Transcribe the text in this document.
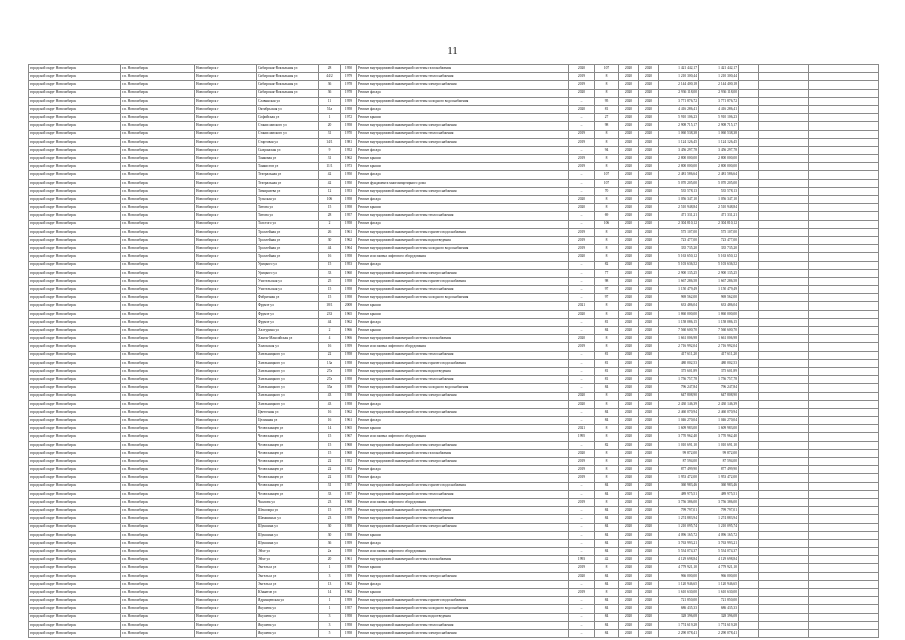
11
городской округ Новосибирск	г.п. Новосибирск	Новосибирск г	Сибирская-Вокзальная ул	28	1950	Ремонт внутридомовой инженерной системы газоснабжения	2020	107	2020	2020	1 421 442,17	1 421 442,17			
городской округ Новосибирск	г.п. Новосибирск	Новосибирск г	Сибирская-Вокзальная ул	44/2	1979	Ремонт внутридомовой инженерной системы теплоснабжения	2019	8	2020	2020	1 210 300,44	1 210 300,44			
городской округ Новосибирск	г.п. Новосибирск	Новосибирск г	Сибирская-Вокзальная ул	36	1978	Ремонт внутридомовой инженерной системы электроснабжения	2019	8	2020	2020	2 144 400,18	2 144 400,18			
городской округ Новосибирск	г.п. Новосибирск	Новосибирск г	Сибирская-Вокзальная ул	36	1978	Ремонт фасада	2020	8	2020	2020	2 936 118,00	2 936 118,00			
городской округ Новосибирск	г.п. Новосибирск	Новосибирск г	Славянская ул	11	1959	Ремонт внутридомовой инженерной системы холодного водоснабжения	–	95	2020	2020	3 771 876,72	3 771 876,72			
городской округ Новосибирск	г.п. Новосибирск	Новосибирск г	Октябрьская ул	51а	1958	Ремонт фасада	2020	81	2020	2020	4 416 286,41	4 416 286,41			
городской округ Новосибирск	г.п. Новосибирск	Новосибирск г	Софийская ул	1	1972	Ремонт крыши	–	27	2020	2020	5 910 106,23	5 910 106,23			
городской округ Новосибирск	г.п. Новосибирск	Новосибирск г	Станиславского ул	20	1958	Ремонт внутридомовой инженерной системы электроснабжения	–	98	2020	2020	2 908 715,17	2 908 715,17			
городской округ Новосибирск	г.п. Новосибирск	Новосибирск г	Станиславского ул	31	1970	Ремонт внутридомовой инженерной системы теплоснабжения	2019	8	2020	2020	1 060 538,38	1 060 538,38			
городской округ Новосибирск	г.п. Новосибирск	Новосибирск г	Стартовая ул	14/1	1981	Ремонт внутридомовой инженерной системы электроснабжения	2019	8	2020	2020	1 124 126,45	1 124 126,45			
городской округ Новосибирск	г.п. Новосибирск	Новосибирск г	Сызранская ул	9	1952	Ремонт фасада	–	94	2020	2020	3 456 297,78	3 456 297,78			
городской округ Новосибирск	г.п. Новосибирск	Новосибирск г	Танковая ул	31	1962	Ремонт крыши	2019	8	2020	2020	2 800 000,00	2 800 000,00			
городской округ Новосибирск	г.п. Новосибирск	Новосибирск г	Танкистов ул	11/1	1973	Ремонт крыши	2019	8	2020	2020	2 800 000,00	2 800 000,00			
городской округ Новосибирск	г.п. Новосибирск	Новосибирск г	Театральная ул	42	1950	Ремонт фасада	–	107	2020	2020	2 481 586,64	2 481 586,64			
городской округ Новосибирск	г.п. Новосибирск	Новосибирск г	Театральная ул	42	1950	Ремонт фундамента многоквартирного дома	–	107	2020	2020	5 070 205,00	5 070 205,00			
городской округ Новосибирск	г.п. Новосибирск	Новосибирск г	Тимирязева ул	12	1953	Ремонт внутридомовой инженерной системы электроснабжения	–	70	2020	2020	535 578,13	535 578,13			
городской округ Новосибирск	г.п. Новосибирск	Новосибирск г	Тульская ул	106	1958	Ремонт фасада	2020	8	2020	2020	1 056 347,10	1 056 347,10			
городской округ Новосибирск	г.п. Новосибирск	Новосибирск г	Титова ул	15	1958	Ремонт крыши	2020	8	2020	2020	2 510 948,84	2 510 948,84			
городской округ Новосибирск	г.п. Новосибирск	Новосибирск г	Титова ул	28	1957	Ремонт внутридомовой инженерной системы теплоснабжения	–	69	2020	2020	471 331,21	471 331,21			
городской округ Новосибирск	г.п. Новосибирск	Новосибирск г	Толстого ул	2	1958	Ремонт фасада	–	106	2020	2020	2 304 810,12	2 304 810,12			
городской округ Новосибирск	г.п. Новосибирск	Новосибирск г	Троллейная ул	26	1961	Ремонт внутридомовой инженерной системы горячего водоснабжения	2019	8	2020	2020	575 107,00	575 107,00			
городской округ Новосибирск	г.п. Новосибирск	Новосибирск г	Троллейная ул	30	1962	Ремонт внутридомовой инженерной системы водоотведения	2019	8	2020	2020	723 477,00	723 477,00			
городской округ Новосибирск	г.п. Новосибирск	Новосибирск г	Троллейная ул	44	1964	Ремонт внутридомовой инженерной системы холодного водоснабжения	2019	8	2020	2020	335 735,20	335 735,20			
городской округ Новосибирск	г.п. Новосибирск	Новосибирск г	Троллейная ул	16	1958	Ремонт или замена лифтового оборудования	2020	8	2020	2020	5 163 650,12	5 163 650,12			
городской округ Новосибирск	г.п. Новосибирск	Новосибирск г	Урицкого ул	15	1953	Ремонт фасада	–	82	2020	2020	5 103 636,52	5 103 636,52			
городской округ Новосибирск	г.п. Новосибирск	Новосибирск г	Урицкого ул	33	1960	Ремонт внутридомовой инженерной системы электроснабжения	–	77	2020	2020	2 900 135,25	2 900 135,25			
городской округ Новосибирск	г.п. Новосибирск	Новосибирск г	Учительская ул	25	1958	Ремонт внутридомовой инженерной системы горячего водоснабжения	–	98	2020	2020	1 667 286,58	1 667 286,58			
городской округ Новосибирск	г.п. Новосибирск	Новосибирск г	Учительская ул	15	1958	Ремонт внутридомовой инженерной системы теплоснабжения	–	97	2020	2020	1 150 479,49	1 150 479,49			
городской округ Новосибирск	г.п. Новосибирск	Новосибирск г	Фабричная ул	15	1958	Ремонт внутридомовой инженерной системы холодного водоснабжения	–	97	2020	2020	969 562,00	969 562,00			
городской округ Новосибирск	г.п. Новосибирск	Новосибирск г	Фрунзе ул	18/1	2008	Ремонт крыши	2021	8	2020	2020	633 486,04	633 486,04			
городской округ Новосибирск	г.п. Новосибирск	Новосибирск г	Фрунзе ул	233	1965	Ремонт крыши	2020	8	2020	2020	1 860 000,00	1 860 000,00			
городской округ Новосибирск	г.п. Новосибирск	Новосибирск г	Фрунзе ул	44	1962	Ремонт фасада	–	81	2020	2020	1 158 086,15	1 158 086,15			
городской округ Новосибирск	г.п. Новосибирск	Новосибирск г	Халтурина ул	2	1966	Ремонт крыши	–	84	2020	2020	7 560 600,70	7 560 600,70			
городской округ Новосибирск	г.п. Новосибирск	Новосибирск г	Ханты-Мансийская ул	4	1966	Ремонт внутридомовой инженерной системы газоснабжения	2020	8	2020	2020	1 661 006,98	1 661 006,98			
городской округ Новосибирск	г.п. Новосибирск	Новосибирск г	Хилокская ул	16	1959	Ремонт или замена лифтового оборудования	2019	8	2020	2020	2 716 992,04	2 716 992,04			
городской округ Новосибирск	г.п. Новосибирск	Новосибирск г	Хмельницкого ул	22	1958	Ремонт внутридомовой инженерной системы теплоснабжения	–	81	2020	2020	417 611,20	417 611,20			
городской округ Новосибирск	г.п. Новосибирск	Новосибирск г	Хмельницкого ул	13а	1958	Ремонт внутридомовой инженерной системы горячего водоснабжения	–	81	2020	2020	480 002,53	480 002,53			
городской округ Новосибирск	г.п. Новосибирск	Новосибирск г	Хмельницкого ул	27а	1958	Ремонт внутридомовой инженерной системы водоотведения	–	81	2020	2020	375 601,89	375 601,89			
городской округ Новосибирск	г.п. Новосибирск	Новосибирск г	Хмельницкого ул	27а	1958	Ремонт внутридомовой инженерной системы теплоснабжения	–	81	2020	2020	1 756 757,78	1 756 757,78			
городской округ Новосибирск	г.п. Новосибирск	Новосибирск г	Хмельницкого ул	35а	1959	Ремонт внутридомовой инженерной системы холодного водоснабжения	–	84	2020	2020	796 247,84	796 247,84			
городской округ Новосибирск	г.п. Новосибирск	Новосибирск г	Хмельницкого ул	43	1958	Ремонт внутридомовой инженерной системы электроснабжения	2020	8	2020	2020	647 808,90	647 808,90			
городской округ Новосибирск	г.п. Новосибирск	Новосибирск г	Хмельницкого ул	43	1958	Ремонт фасада	2020	8	2020	2020	2 430 146,39	2 430 146,39			
городской округ Новосибирск	г.п. Новосибирск	Новосибирск г	Цветочная ул	16	1962	Ремонт внутридомовой инженерной системы электроснабжения	–	84	2020	2020	2 460 070,94	2 460 070,94			
городской округ Новосибирск	г.п. Новосибирск	Новосибирск г	Целинная ул	16	1961	Ремонт фасада	–	84	2020	2020	1 046 270,04	1 046 270,04			
городской округ Новосибирск	г.п. Новосибирск	Новосибирск г	Челюскинцев ул	14	1965	Ремонт крыши	2021	8	2020	2020	1 609 983,00	1 609 983,00			
городской округ Новосибирск	г.п. Новосибирск	Новосибирск г	Челюскинцев ул	15	1967	Ремонт или замена лифтового оборудования	1995	8	2020	2020	3 770 962,40	3 770 962,40			
городской округ Новосибирск	г.п. Новосибирск	Новосибирск г	Челюскинцев ул	15	1968	Ремонт внутридомовой инженерной системы электроснабжения	–	82	2020	2020	1 010 691,10	1 010 691,10			
городской округ Новосибирск	г.п. Новосибирск	Новосибирск г	Челюскинцев ул	15	1968	Ремонт внутридомовой инженерной системы газоснабжения	2020	8	2020	2020	99 872,00	99 872,00			
городской округ Новосибирск	г.п. Новосибирск	Новосибирск г	Челюскинцев ул	22	1952	Ремонт внутридомовой инженерной системы электроснабжения	2019	8	2020	2020	87 594,00	87 594,00			
городской округ Новосибирск	г.п. Новосибирск	Новосибирск г	Челюскинцев ул	22	1952	Ремонт фасада	2019	8	2020	2020	877 499,90	877 499,90			
городской округ Новосибирск	г.п. Новосибирск	Новосибирск г	Челюскинцев ул	22	1953	Ремонт фасада	2019	8	2020	2020	1 953 472,00	1 953 472,00			
городской округ Новосибирск	г.п. Новосибирск	Новосибирск г	Челюскинцев ул	31	1957	Ремонт внутридомовой инженерной системы горячего водоснабжения	–	84	2020	2020	360 983,46	360 983,46			
городской округ Новосибирск	г.п. Новосибирск	Новосибирск г	Челюскинцев ул	33	1957	Ремонт внутридомовой инженерной системы теплоснабжения	–	84	2020	2020	489 975,51	489 975,51			
городской округ Новосибирск	г.п. Новосибирск	Новосибирск г	Чкалова ул	23	1960	Ремонт или замена лифтового оборудования	2019	8	2020	2020	3 756 386,00	3 756 386,00			
городской округ Новосибирск	г.п. Новосибирск	Новосибирск г	Шекспира ул	15	1978	Ремонт внутридомовой инженерной системы водоотведения	–	84	2020	2020	799 797,01	799 797,01			
городской округ Новосибирск	г.п. Новосибирск	Новосибирск г	Шамшиных ул	23	1959	Ремонт внутридомовой инженерной системы теплоснабжения	–	84	2020	2020	1 274 883,94	1 274 883,94			
городской округ Новосибирск	г.п. Новосибирск	Новосибирск г	Шукшина ул	30	1958	Ремонт внутридомовой инженерной системы электроснабжения	–	84	2020	2020	1 210 095,74	1 210 095,74			
городской округ Новосибирск	г.п. Новосибирск	Новосибирск г	Шукшина ул	30	1958	Ремонт крыши	–	84	2020	2020	4 096 165,72	4 096 165,72			
городской округ Новосибирск	г.п. Новосибирск	Новосибирск г	Шукшина ул	36	1959	Ремонт фасада	–	84	2020	2020	3 763 993,21	3 763 993,21			
городской округ Новосибирск	г.п. Новосибирск	Новосибирск г	Эйхе ул	2а	1958	Ремонт или замена лифтового оборудования	–	84	2020	2020	5 534 074,37	5 534 074,37			
городской округ Новосибирск	г.п. Новосибирск	Новосибирск г	Эйхе ул	20	1961	Ремонт внутридомовой инженерной системы газоснабжения	1993	42	2020	2020	4 129 698,84	4 129 698,84			
городской округ Новосибирск	г.п. Новосибирск	Новосибирск г	Энгельса ул	1	1959	Ремонт крыши	2019	8	2020	2020	4 779 921,10	4 779 921,10			
городской округ Новосибирск	г.п. Новосибирск	Новосибирск г	Энгельса ул	3	1959	Ремонт внутридомовой инженерной системы электроснабжения	2020	84	2020	2020	966 000,00	966 000,00			
городской округ Новосибирск	г.п. Новосибирск	Новосибирск г	Энгельса ул	13	1962	Ремонт фасада	–	84	2020	2020	1 120 946,65	1 120 946,65			
городской округ Новосибирск	г.п. Новосибирск	Новосибирск г	Юннатов ул	14	1962	Ремонт крыши	2019	8	2020	2020	1 610 630,00	1 610 630,00			
городской округ Новосибирск	г.п. Новосибирск	Новосибирск г	Ядринцевская ул	1	1959	Ремонт внутридомовой инженерной системы горячего водоснабжения	–	84	2020	2020	721 850,00	721 850,00			
городской округ Новосибирск	г.п. Новосибирск	Новосибирск г	Якушева ул	1	1957	Ремонт внутридомовой инженерной системы холодного водоснабжения	–	84	2020	2020	686 435,33	686 435,33			
городской округ Новосибирск	г.п. Новосибирск	Новосибирск г	Якушева ул	3	1958	Ремонт внутридомовой инженерной системы водоотведения	–	84	2020	2020	328 396,08	328 396,08			
городской округ Новосибирск	г.п. Новосибирск	Новосибирск г	Якушева ул	3	1958	Ремонт внутридомовой инженерной системы теплоснабжения	–	84	2020	2020	1 774 619,28	1 774 619,28			
городской округ Новосибирск	г.п. Новосибирск	Новосибирск г	Якушева ул	5	1958	Ремонт внутридомовой инженерной системы электроснабжения	–	84	2020	2020	2 290 078,41	2 290 078,41			
